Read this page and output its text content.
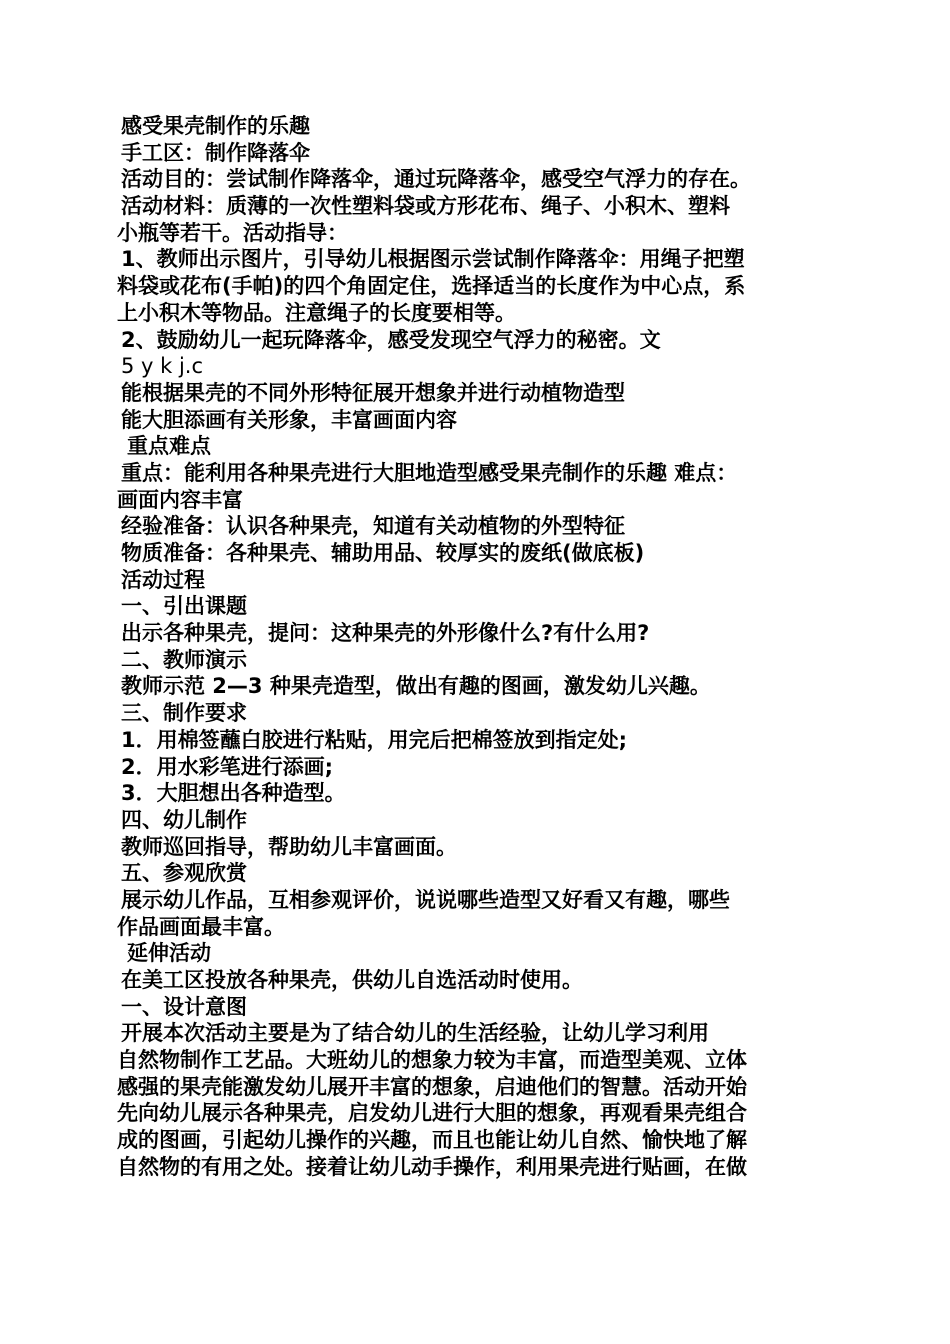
感受果壳制作的乐趣
手工区：制作降落伞
活动目的：尝试制作降落伞，通过玩降落伞，感受空气浮力的存在。
活动材料：质薄的一次性塑料袋或方形花布、绳子、小积木、塑料
小瓶等若干。活动指导：
1、教师出示图片，引导幼儿根据图示尝试制作降落伞：用绳子把塑
料袋或花布(手帕)的四个角固定住，选择适当的长度作为中心点，系
上小积木等物品。注意绳子的长度要相等。
2、鼓励幼儿一起玩降落伞，感受发现空气浮力的秘密。文
5 y k j.c
能根据果壳的不同外形特征展开想象并进行动植物造型
能大胆添画有关形象，丰富画面内容
重点难点
重点：能利用各种果壳进行大胆地造型感受果壳制作的乐趣 难点：
画面内容丰富
经验准备：认识各种果壳，知道有关动植物的外型特征
物质准备：各种果壳、辅助用品、较厚实的废纸(做底板)
活动过程
一、引出课题
出示各种果壳，提问：这种果壳的外形像什么?有什么用?
二、教师演示
教师示范 2—3 种果壳造型，做出有趣的图画，激发幼儿兴趣。
三、制作要求
1．用棉签蘸白胶进行粘贴，用完后把棉签放到指定处;
2．用水彩笔进行添画;
3．大胆想出各种造型。
四、幼儿制作
教师巡回指导，帮助幼儿丰富画面。
五、参观欣赏
展示幼儿作品，互相参观评价，说说哪些造型又好看又有趣，哪些
作品画面最丰富。
延伸活动
在美工区投放各种果壳，供幼儿自选活动时使用。
一、设计意图
开展本次活动主要是为了结合幼儿的生活经验，让幼儿学习利用
自然物制作工艺品。大班幼儿的想象力较为丰富，而造型美观、立体
感强的果壳能激发幼儿展开丰富的想象，启迪他们的智慧。活动开始
先向幼儿展示各种果壳，启发幼儿进行大胆的想象，再观看果壳组合
成的图画，引起幼儿操作的兴趣，而且也能让幼儿自然、愉快地了解
自然物的有用之处。接着让幼儿动手操作，利用果壳进行贴画，在做
